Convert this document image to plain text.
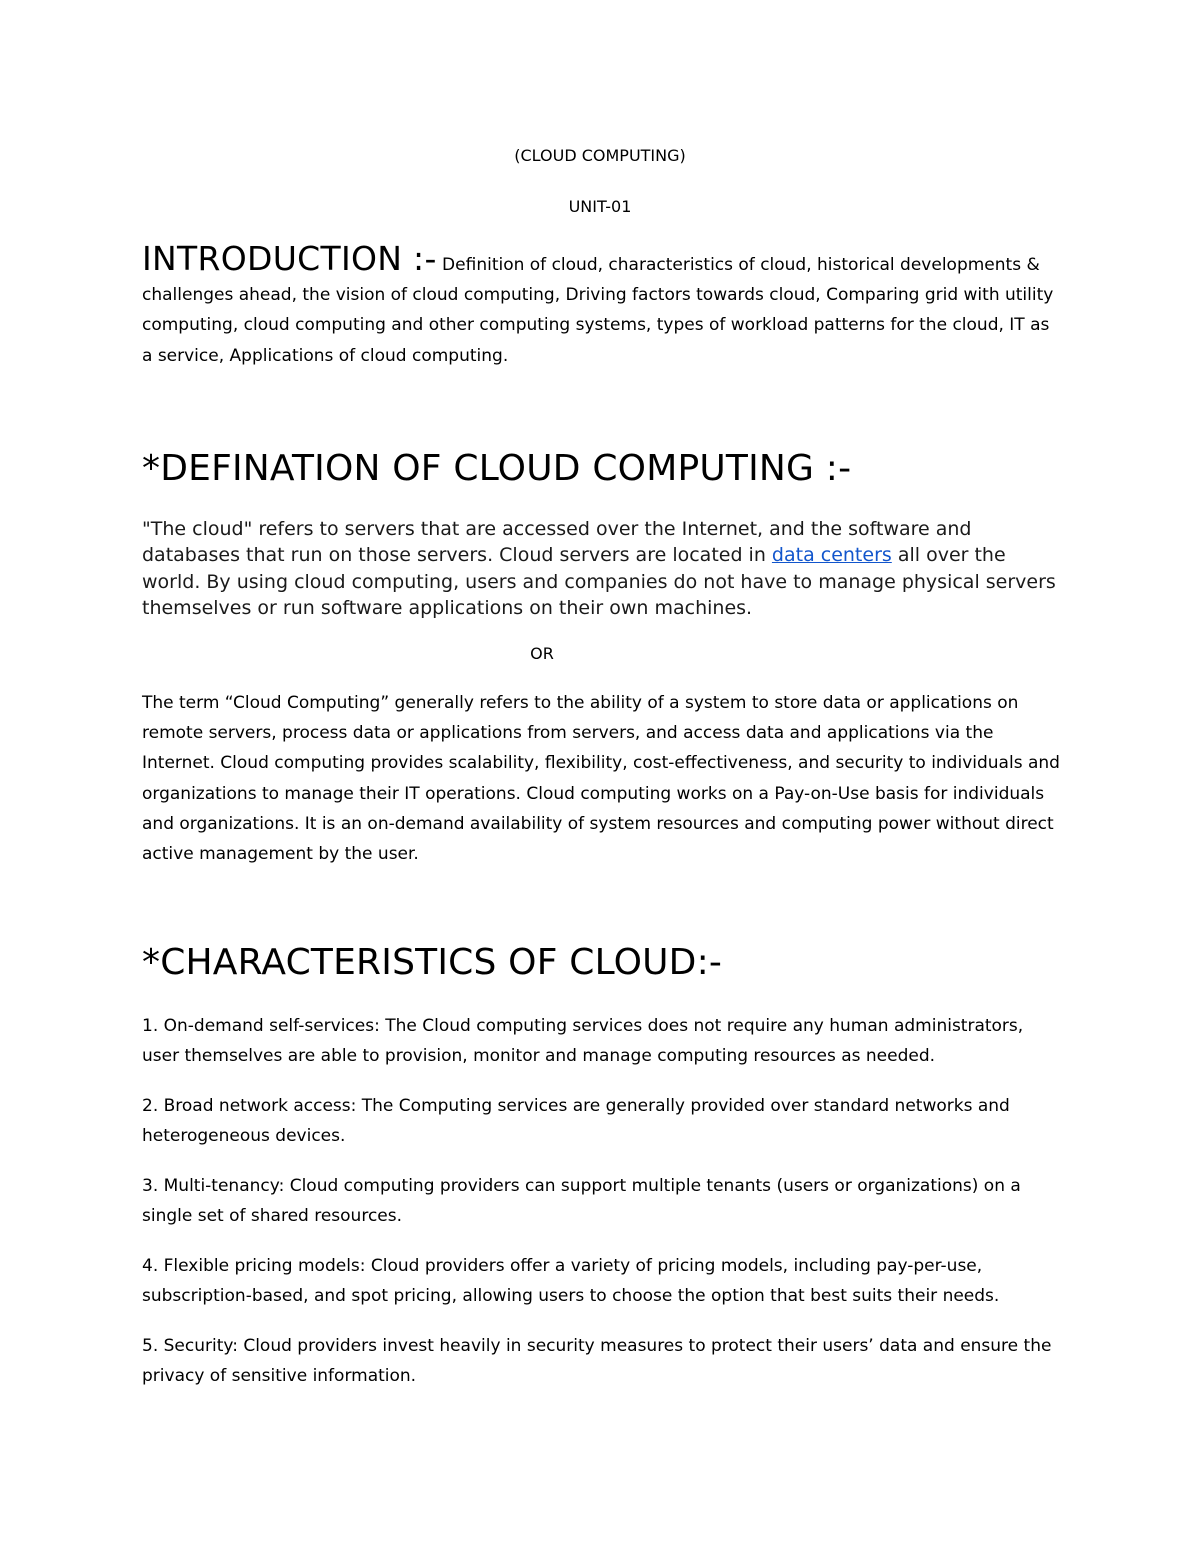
(CLOUD COMPUTING)

UNIT-01

INTRODUCTION :- Definition of cloud, characteristics of cloud, historical developments & challenges ahead, the vision of cloud computing, Driving factors towards cloud, Comparing grid with utility computing, cloud computing and other computing systems, types of workload patterns for the cloud, IT as a service, Applications of cloud computing.

*DEFINATION OF CLOUD COMPUTING :-

"The cloud" refers to servers that are accessed over the Internet, and the software and databases that run on those servers. Cloud servers are located in data centers all over the world. By using cloud computing, users and companies do not have to manage physical servers themselves or run software applications on their own machines.

OR

The term “Cloud Computing” generally refers to the ability of a system to store data or applications on remote servers, process data or applications from servers, and access data and applications via the Internet. Cloud computing provides scalability, flexibility, cost-effectiveness, and security to individuals and organizations to manage their IT operations. Cloud computing works on a Pay-on-Use basis for individuals and organizations. It is an on-demand availability of system resources and computing power without direct active management by the user.

*CHARACTERISTICS OF CLOUD:-

1. On-demand self-services: The Cloud computing services does not require any human administrators, user themselves are able to provision, monitor and manage computing resources as needed.

2. Broad network access: The Computing services are generally provided over standard networks and heterogeneous devices.

3. Multi-tenancy: Cloud computing providers can support multiple tenants (users or organizations) on a single set of shared resources.

4. Flexible pricing models: Cloud providers offer a variety of pricing models, including pay-per-use, subscription-based, and spot pricing, allowing users to choose the option that best suits their needs.

5. Security: Cloud providers invest heavily in security measures to protect their users’ data and ensure the privacy of sensitive information.
